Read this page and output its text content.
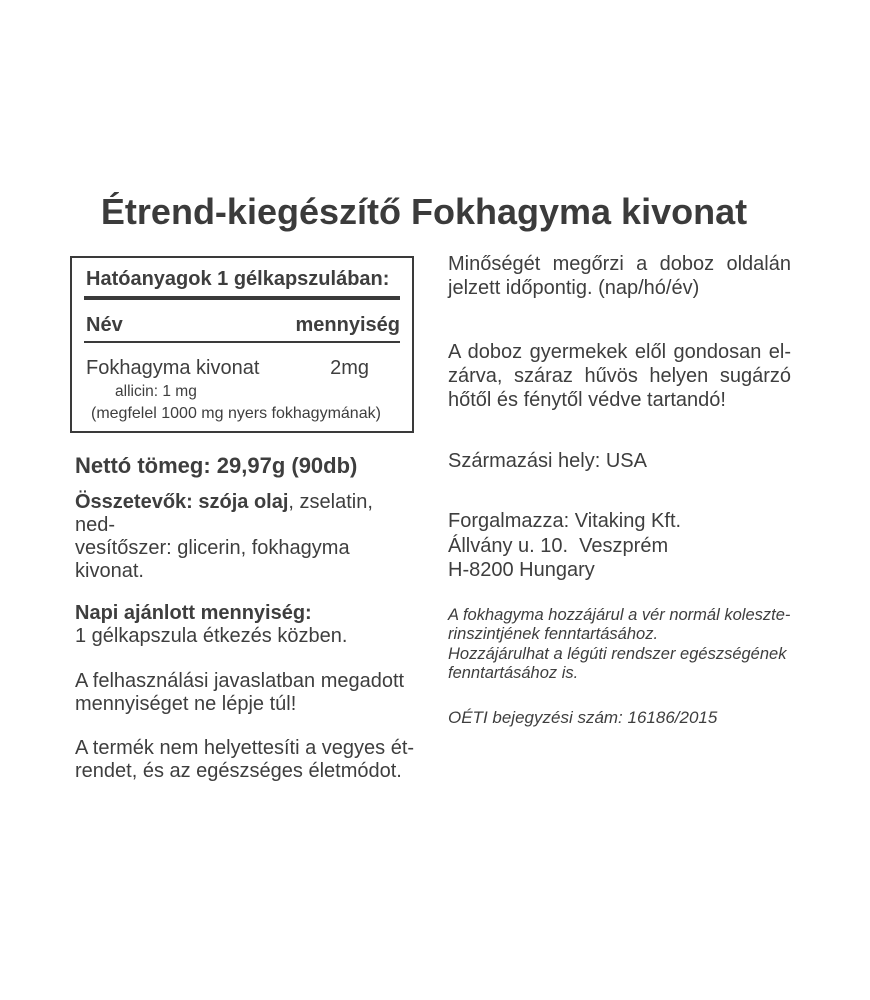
Étrend-kiegészítő Fokhagyma kivonat
Hatóanyagok 1 gélkapszulában:
Név	mennyiség
Fokhagyma kivonat	2mg
allicin: 1 mg
(megfelel 1000 mg nyers fokhagymának)

Nettó tömeg: 29,97g (90db)

Összetevők: szója olaj, zselatin, ned-
vesítőszer: glicerin, fokhagyma kivonat.

Napi ajánlott mennyiség:
1 gélkapszula étkezés közben.

A felhasználási javaslatban megadott
mennyiséget ne lépje túl!

A termék nem helyettesíti a vegyes ét-
rendet, és az egészséges életmódot.

Minőségét megőrzi a doboz oldalán
jelzett időpontig. (nap/hó/év)

A doboz gyermekek elől gondosan el-
zárva, száraz hűvös helyen sugárzó
hőtől és fénytől védve tartandó!

Származási hely: USA

Forgalmazza: Vitaking Kft.
Állvány u. 10.  Veszprém
H-8200 Hungary

A fokhagyma hozzájárul a vér normál koleszte-
rinszintjének fenntartásához.
Hozzájárulhat a légúti rendszer egészségének
fenntartásához is.

OÉTI bejegyzési szám: 16186/2015
